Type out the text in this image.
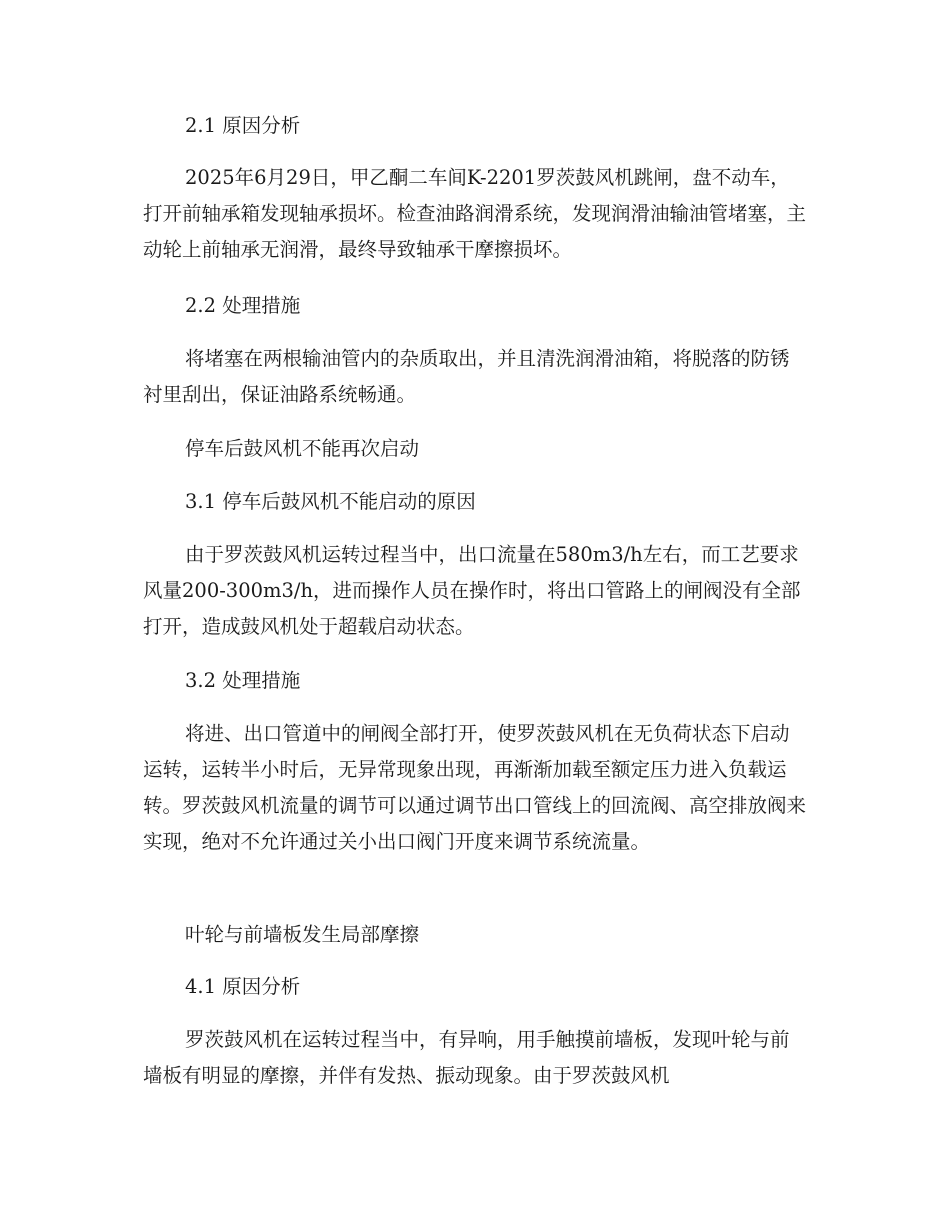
2.1 原因分析

2025年6月29日，甲乙酮二车间K-2201罗茨鼓风机跳闸，盘不动车，打开前轴承箱发现轴承损坏。检查油路润滑系统，发现润滑油输油管堵塞，主动轮上前轴承无润滑，最终导致轴承干摩擦损坏。

2.2 处理措施

将堵塞在两根输油管内的杂质取出，并且清洗润滑油箱，将脱落的防锈衬里刮出，保证油路系统畅通。

停车后鼓风机不能再次启动

3.1 停车后鼓风机不能启动的原因

由于罗茨鼓风机运转过程当中，出口流量在580m3/h左右，而工艺要求风量200-300m3/h，进而操作人员在操作时，将出口管路上的闸阀没有全部打开，造成鼓风机处于超载启动状态。

3.2 处理措施

将进、出口管道中的闸阀全部打开，使罗茨鼓风机在无负荷状态下启动运转，运转半小时后，无异常现象出现，再渐渐加载至额定压力进入负载运转。罗茨鼓风机流量的调节可以通过调节出口管线上的回流阀、高空排放阀来实现，绝对不允许通过关小出口阀门开度来调节系统流量。

叶轮与前墙板发生局部摩擦

4.1 原因分析

罗茨鼓风机在运转过程当中，有异响，用手触摸前墙板，发现叶轮与前墙板有明显的摩擦，并伴有发热、振动现象。由于罗茨鼓风机
